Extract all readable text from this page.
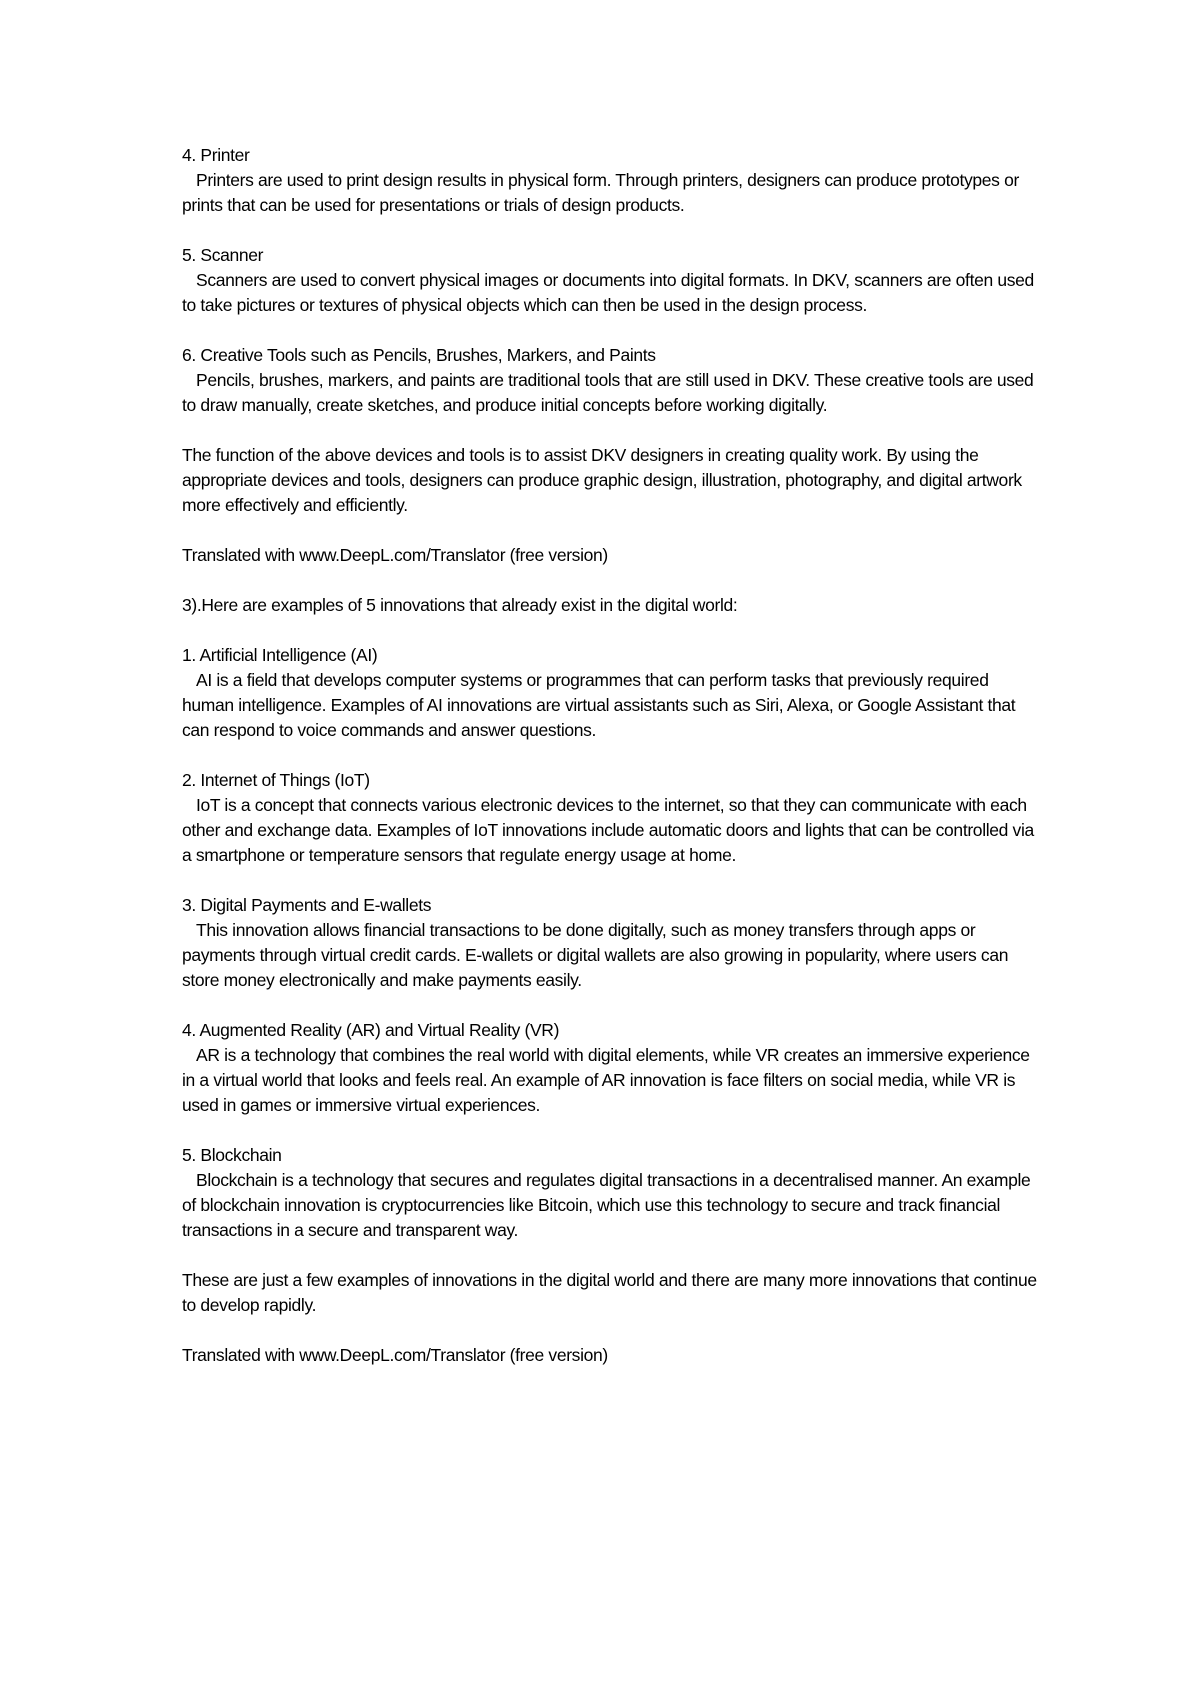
4. Printer

Printers are used to print design results in physical form. Through printers, designers can produce prototypes or prints that can be used for presentations or trials of design products.

5. Scanner

Scanners are used to convert physical images or documents into digital formats. In DKV, scanners are often used to take pictures or textures of physical objects which can then be used in the design process.

6. Creative Tools such as Pencils, Brushes, Markers, and Paints

Pencils, brushes, markers, and paints are traditional tools that are still used in DKV. These creative tools are used to draw manually, create sketches, and produce initial concepts before working digitally.

The function of the above devices and tools is to assist DKV designers in creating quality work. By using the appropriate devices and tools, designers can produce graphic design, illustration, photography, and digital artwork more effectively and efficiently.

Translated with www.DeepL.com/Translator (free version)

3).Here are examples of 5 innovations that already exist in the digital world:

1. Artificial Intelligence (AI)

AI is a field that develops computer systems or programmes that can perform tasks that previously required human intelligence. Examples of AI innovations are virtual assistants such as Siri, Alexa, or Google Assistant that can respond to voice commands and answer questions.

2. Internet of Things (IoT)

IoT is a concept that connects various electronic devices to the internet, so that they can communicate with each other and exchange data. Examples of IoT innovations include automatic doors and lights that can be controlled via a smartphone or temperature sensors that regulate energy usage at home.

3. Digital Payments and E-wallets

This innovation allows financial transactions to be done digitally, such as money transfers through apps or payments through virtual credit cards. E-wallets or digital wallets are also growing in popularity, where users can store money electronically and make payments easily.

4. Augmented Reality (AR) and Virtual Reality (VR)

AR is a technology that combines the real world with digital elements, while VR creates an immersive experience in a virtual world that looks and feels real. An example of AR innovation is face filters on social media, while VR is used in games or immersive virtual experiences.

5. Blockchain

Blockchain is a technology that secures and regulates digital transactions in a decentralised manner. An example of blockchain innovation is cryptocurrencies like Bitcoin, which use this technology to secure and track financial transactions in a secure and transparent way.

These are just a few examples of innovations in the digital world and there are many more innovations that continue to develop rapidly.

Translated with www.DeepL.com/Translator (free version)
